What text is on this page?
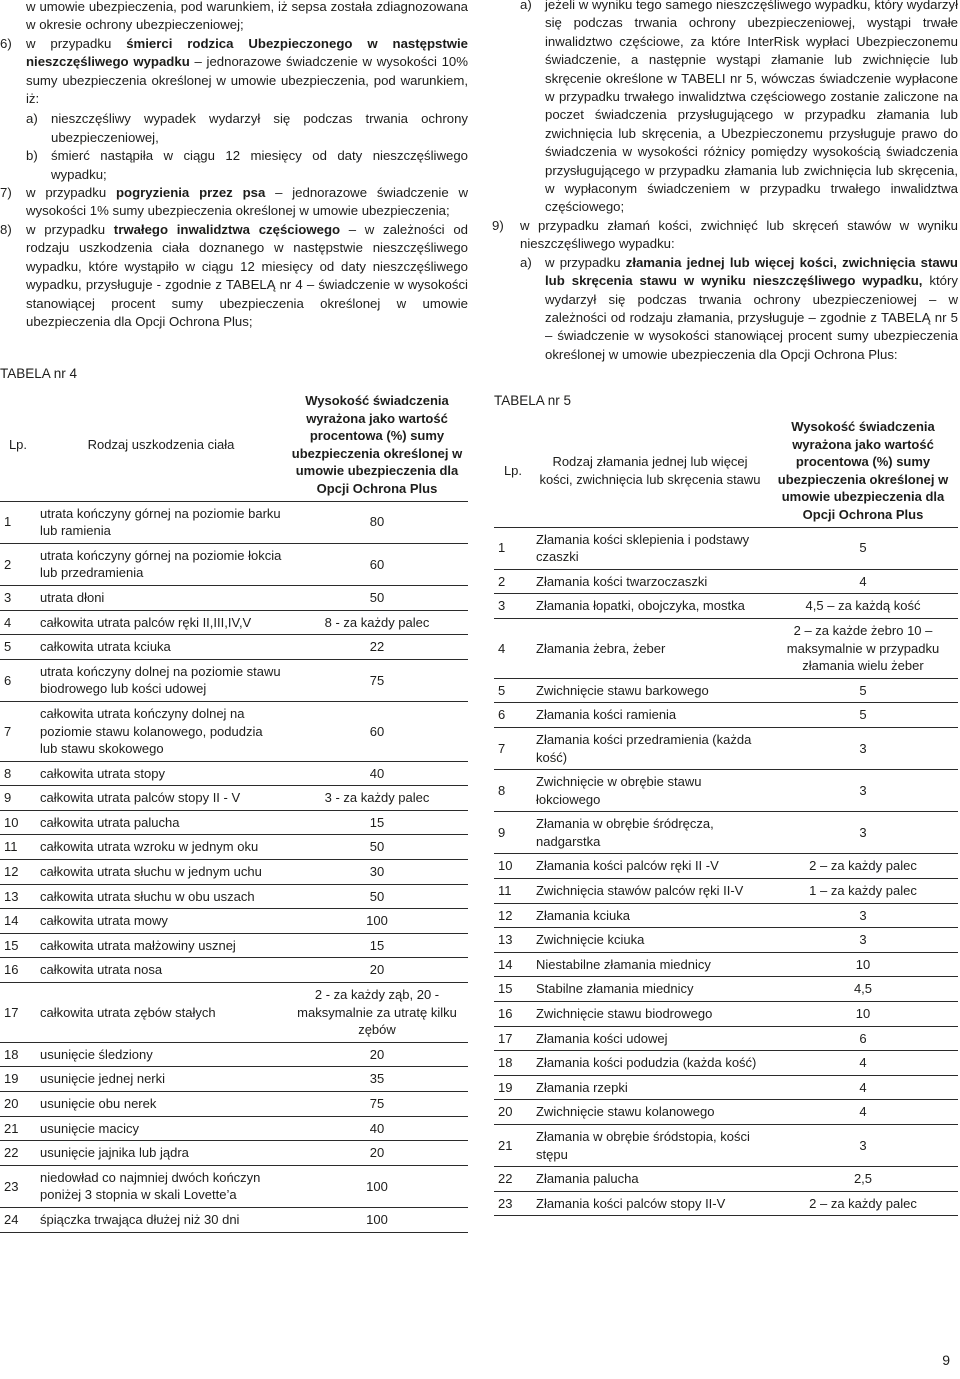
w umowie ubezpieczenia, pod warunkiem, iż sepsa została zdiagnozowana w okresie ochrony ubezpieczeniowej;

6)	w przypadku śmierci rodzica Ubezpieczonego w następstwie nieszczęśliwego wypadku – jednorazowe świadczenie w wysokości 10% sumy ubezpieczenia określonej w umowie ubezpieczenia, pod warunkiem, iż:
a)	nieszczęśliwy wypadek wydarzył się podczas trwania ochrony ubezpieczeniowej,
b)	śmierć nastąpiła w ciągu 12 miesięcy od daty nieszczęśliwego wypadku;
7)	w przypadku pogryzienia przez psa – jednorazowe świadczenie w wysokości 1% sumy ubezpieczenia określonej w umowie ubezpieczenia;
8)	w przypadku trwałego inwalidztwa częściowego – w zależności od rodzaju uszkodzenia ciała doznanego w następstwie nieszczęśliwego wypadku, które wystąpiło w ciągu 12 miesięcy od daty nieszczęśliwego wypadku, przysługuje - zgodnie z TABELĄ nr 4 – świadczenie w wysokości stanowiącej procent sumy ubezpieczenia określonej w umowie ubezpieczenia dla Opcji Ochrona Plus;
TABELA nr 4
Lp.	Rodzaj uszkodzenia ciała	Wysokość świadczenia wyrażona jako wartość procentowa (%) sumy ubezpieczenia określonej w umowie ubezpieczenia dla Opcji Ochrona Plus
1	utrata kończyny górnej na poziomie barku lub ramienia	80
2	utrata kończyny górnej na poziomie łokcia lub przedramienia	60
3	utrata dłoni	50
4	całkowita utrata palców ręki II,III,IV,V	8 - za każdy palec
5	całkowita utrata kciuka	22
6	utrata kończyny dolnej na poziomie stawu biodrowego lub kości udowej	75
7	całkowita utrata kończyny dolnej na poziomie stawu kolanowego, podudzia lub stawu skokowego	60
8	całkowita utrata stopy	40
9	całkowita utrata palców stopy II - V	3 - za każdy palec
10	całkowita utrata palucha	15
11	całkowita utrata wzroku w jednym oku	50
12	całkowita utrata słuchu w jednym uchu	30
13	całkowita utrata słuchu w obu uszach	50
14	całkowita utrata mowy	100
15	całkowita utrata małżowiny usznej	15
16	całkowita utrata nosa	20
17	całkowita utrata zębów stałych	2 - za każdy ząb, 20 - maksymalnie za utratę kilku zębów
18	usunięcie śledziony	20
19	usunięcie jednej nerki	35
20	usunięcie obu nerek	75
21	usunięcie macicy	40
22	usunięcie jajnika lub jądra	20
23	niedowład co najmniej dwóch kończyn poniżej 3 stopnia w skali Lovette’a	100
24	śpiączka trwająca dłużej niż 30 dni	100
a)	jeżeli w wyniku tego samego nieszczęśliwego wypadku, który wydarzył się podczas trwania ochrony ubezpieczeniowej, wystąpi trwałe inwalidztwo częściowe, za które InterRisk wypłaci Ubezpieczonemu świadczenie, a następnie wystąpi złamanie lub zwichnięcie lub skręcenie określone w TABELI nr 5, wówczas świadczenie wypłacone w przypadku trwałego inwalidztwa częściowego zostanie zaliczone na poczet świadczenia przysługującego w przypadku złamania lub zwichnięcia lub skręcenia, a Ubezpieczonemu przysługuje prawo do świadczenia w wysokości różnicy pomiędzy wysokością świadczenia przysługującego w przypadku złamania lub zwichnięcia lub skręcenia, w wypłaconym świadczeniem w przypadku trwałego inwalidztwa częściowego;
9)	w przypadku złamań kości, zwichnięć lub skręceń stawów w wyniku nieszczęśliwego wypadku:
a)	w przypadku złamania jednej lub więcej kości, zwichnięcia stawu lub skręcenia stawu w wyniku nieszczęśliwego wypadku, który wydarzył się podczas trwania ochrony ubezpieczeniowej – w zależności od rodzaju złamania, przysługuje – zgodnie z TABELĄ nr 5 – świadczenie w wysokości stanowiącej procent sumy ubezpieczenia określonej w umowie ubezpieczenia dla Opcji Ochrona Plus:
TABELA nr 5
Lp.	Rodzaj złamania jednej lub więcej kości, zwichnięcia lub skręcenia stawu	Wysokość świadczenia wyrażona jako wartość procentowa (%) sumy ubezpieczenia określonej w umowie ubezpieczenia dla Opcji Ochrona Plus
1	Złamania kości sklepienia i podstawy czaszki	5
2	Złamania kości twarzoczaszki	4
3	Złamania łopatki, obojczyka, mostka	4,5 – za każdą kość
4	Złamania żebra, żeber	2 – za każde żebro 10 – maksymalnie w przypadku złamania wielu żeber
5	Zwichnięcie stawu barkowego	5
6	Złamania kości ramienia	5
7	Złamania kości przedramienia (każda kość)	3
8	Zwichnięcie w obrębie stawu łokciowego	3
9	Złamania w obrębie śródręcza, nadgarstka	3
10	Złamania kości palców ręki II -V	2 – za każdy palec
11	Zwichnięcia stawów palców ręki II-V	1 – za każdy palec
12	Złamania kciuka	3
13	Zwichnięcie kciuka	3
14	Niestabilne złamania miednicy	10
15	Stabilne złamania miednicy	4,5
16	Zwichnięcie stawu biodrowego	10
17	Złamania kości udowej	6
18	Złamania kości podudzia (każda kość)	4
19	Złamania rzepki	4
20	Zwichnięcie stawu kolanowego	4
21	Złamania w obrębie śródstopia, kości stępu	3
22	Złamania palucha	2,5
23	Złamania kości palców stopy II-V	2 – za każdy palec
9
